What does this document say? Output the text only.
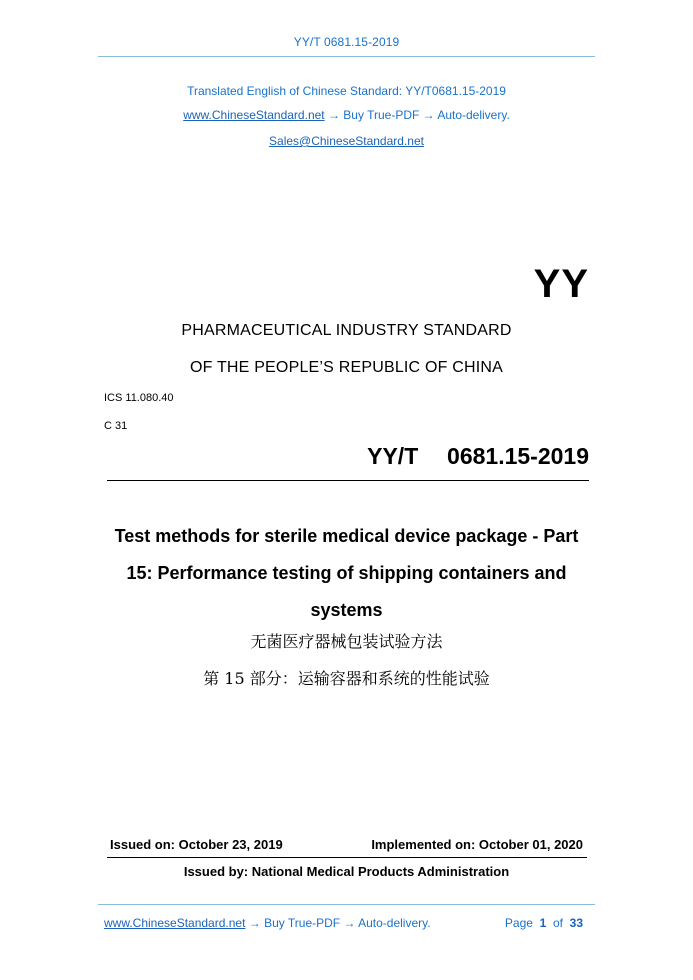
YY/T 0681.15-2019
Translated English of Chinese Standard: YY/T0681.15-2019
www.ChineseStandard.net → Buy True-PDF → Auto-delivery.
Sales@ChineseStandard.net
YY
PHARMACEUTICAL INDUSTRY STANDARD
OF THE PEOPLE’S REPUBLIC OF CHINA
ICS 11.080.40
C 31
YY/T  0681.15-2019
Test methods for sterile medical device package - Part 15: Performance testing of shipping containers and systems
无菌医疗器械包装试验方法
第 15 部分：运输容器和系统的性能试验
Issued on: October 23, 2019	Implemented on: October 01, 2020
Issued by: National Medical Products Administration
www.ChineseStandard.net → Buy True-PDF → Auto-delivery.	Page 1 of 33
